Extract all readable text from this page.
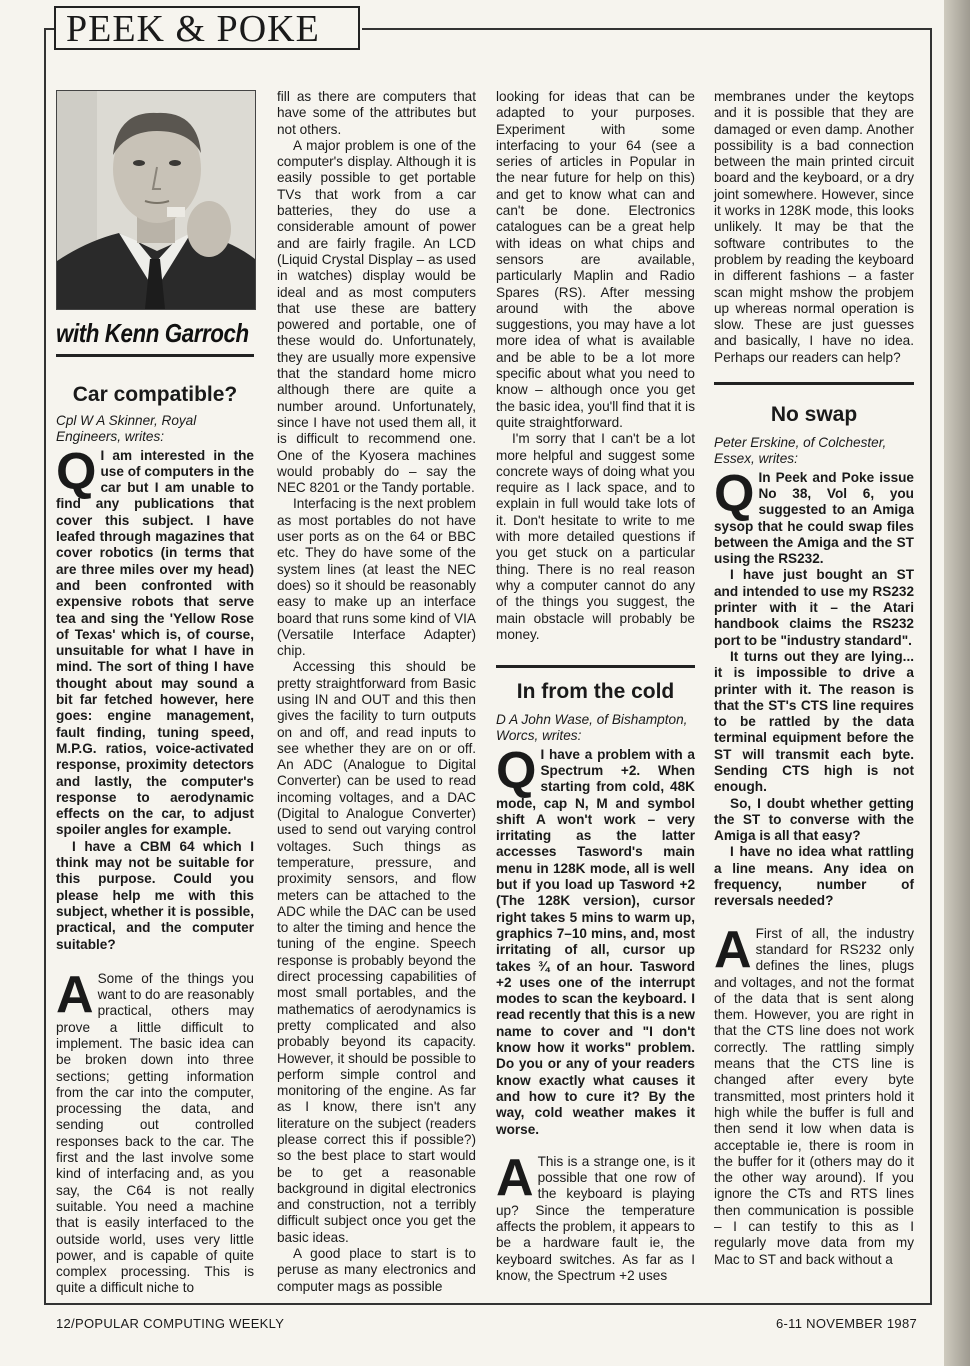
PEEK & POKE
with Kenn Garroch
Car compatible?

Cpl W A Skinner, Royal Engineers, writes:

Q I am interested in the use of computers in the car but I am unable to find any publications that cover this subject. I have leafed through magazines that cover robotics (in terms that are three miles over my head) and been confronted with expensive robots that serve tea and sing the 'Yellow Rose of Texas' which is, of course, unsuitable for what I have in mind. The sort of thing I have thought about may sound a bit far fetched however, here goes: engine management, fault finding, tuning speed, M.P.G. ratios, voice-activated response, proximity detectors and lastly, the computer's response to aerodynamic effects on the car, to adjust spoiler angles for example.

I have a CBM 64 which I think may not be suitable for this purpose. Could you please help me with this subject, whether it is possible, practical, and the computer suitable?

A Some of the things you want to do are reasonably practical, others may prove a little difficult to implement. The basic idea can be broken down into three sections; getting information from the car into the computer, processing the data, and sending out controlled responses back to the car. The first and the last involve some kind of interfacing and, as you say, the C64 is not really suitable. You need a machine that is easily interfaced to the outside world, uses very little power, and is capable of quite complex processing. This is quite a difficult niche to

fill as there are computers that have some of the attributes but not others.

A major problem is one of the computer's display. Although it is easily possible to get portable TVs that work from a car batteries, they do use a considerable amount of power and are fairly fragile. An LCD (Liquid Crystal Display – as used in watches) display would be ideal and as most computers that use these are battery powered and portable, one of these would do. Unfortunately, they are usually more expensive that the standard home micro although there are quite a number around. Unfortunately, since I have not used them all, it is difficult to recommend one. One of the Kyosera machines would probably do – say the NEC 8201 or the Tandy portable.

Interfacing is the next problem as most portables do not have user ports as on the 64 or BBC etc. They do have some of the system lines (at least the NEC does) so it should be reasonably easy to make up an interface board that runs some kind of VIA (Versatile Interface Adapter) chip.

Accessing this should be pretty straightforward from Basic using IN and OUT and this then gives the facility to turn outputs on and off, and read inputs to see whether they are on or off. An ADC (Analogue to Digital Converter) can be used to read incoming voltages, and a DAC (Digital to Analogue Converter) used to send out varying control voltages. Such things as temperature, pressure, and proximity sensors, and flow meters can be attached to the ADC while the DAC can be used to alter the timing and hence the tuning of the engine. Speech response is probably beyond the direct processing capabilities of most small portables, and the mathematics of aerodynamics is pretty complicated and also probably beyond its capacity. However, it should be possible to perform simple control and monitoring of the engine. As far as I know, there isn't any literature on the subject (readers please correct this if possible?) so the best place to start would be to get a reasonable background in digital electronics and construction, not a terribly difficult subject once you get the basic ideas.

A good place to start is to peruse as many electronics and computer mags as possible

looking for ideas that can be adapted to your purposes. Experiment with some interfacing to your 64 (see a series of articles in Popular in the near future for help on this) and get to know what can and can't be done. Electronics catalogues can be a great help with ideas on what chips and sensors are available, particularly Maplin and Radio Spares (RS). After messing around with the above suggestions, you may have a lot more idea of what is available and be able to be a lot more specific about what you need to know – although once you get the basic idea, you'll find that it is quite straightforward.

I'm sorry that I can't be a lot more helpful and suggest some concrete ways of doing what you require as I lack space, and to explain in full would take lots of it. Don't hesitate to write to me with more detailed questions if you get stuck on a particular thing. There is no real reason why a computer cannot do any of the things you suggest, the main obstacle will probably be money.

In from the cold

D A John Wase, of Bishampton, Worcs, writes:

Q I have a problem with a Spectrum +2. When starting from cold, 48K mode, cap N, M and symbol shift A won't work – very irritating as the latter accesses Tasword's main menu in 128K mode, all is well but if you load up Tasword +2 (The 128K version), cursor right takes 5 mins to warm up, graphics 7–10 mins, and, most irritating of all, cursor up takes ¾ of an hour. Tasword +2 uses one of the interrupt modes to scan the keyboard. I read recently that this is a new name to cover and "I don't know how it works" problem. Do you or any of your readers know exactly what causes it and how to cure it? By the way, cold weather makes it worse.

A This is a strange one, is it possible that one row of the keyboard is playing up? Since the temperature affects the problem, it appears to be a hardware fault ie, the keyboard switches. As far as I know, the Spectrum +2 uses

membranes under the keytops and it is possible that they are damaged or even damp. Another possibility is a bad connection between the main printed circuit board and the keyboard, or a dry joint somewhere. However, since it works in 128K mode, this looks unlikely. It may be that the software contributes to the problem by reading the keyboard in different fashions – a faster scan might mshow the probjem up whereas normal operation is slow. These are just guesses and basically, I have no idea. Perhaps our readers can help?

No swap

Peter Erskine, of Colchester, Essex, writes:

Q In Peek and Poke issue No 38, Vol 6, you suggested to an Amiga sysop that he could swap files between the Amiga and the ST using the RS232.

I have just bought an ST and intended to use my RS232 printer with it – the Atari handbook claims the RS232 port to be "industry standard".

It turns out they are lying... it is impossible to drive a printer with it. The reason is that the ST's CTS line requires to be rattled by the data terminal equipment before the ST will transmit each byte. Sending CTS high is not enough.

So, I doubt whether getting the ST to converse with the Amiga is all that easy?

I have no idea what rattling a line means. Any idea on frequency, number of reversals needed?

A First of all, the industry standard for RS232 only defines the lines, plugs and voltages, and not the format of the data that is sent along them. However, you are right in that the CTS line does not work correctly. The rattling simply means that the CTS line is changed after every byte transmitted, most printers hold it high while the buffer is full and then send it low when data is acceptable ie, there is room in the buffer for it (others may do it the other way around). If you ignore the CTs and RTS lines then communication is possible – I can testify to this as I regularly move data from my Mac to ST and back without a

12/POPULAR COMPUTING WEEKLY	6-11 NOVEMBER 1987
